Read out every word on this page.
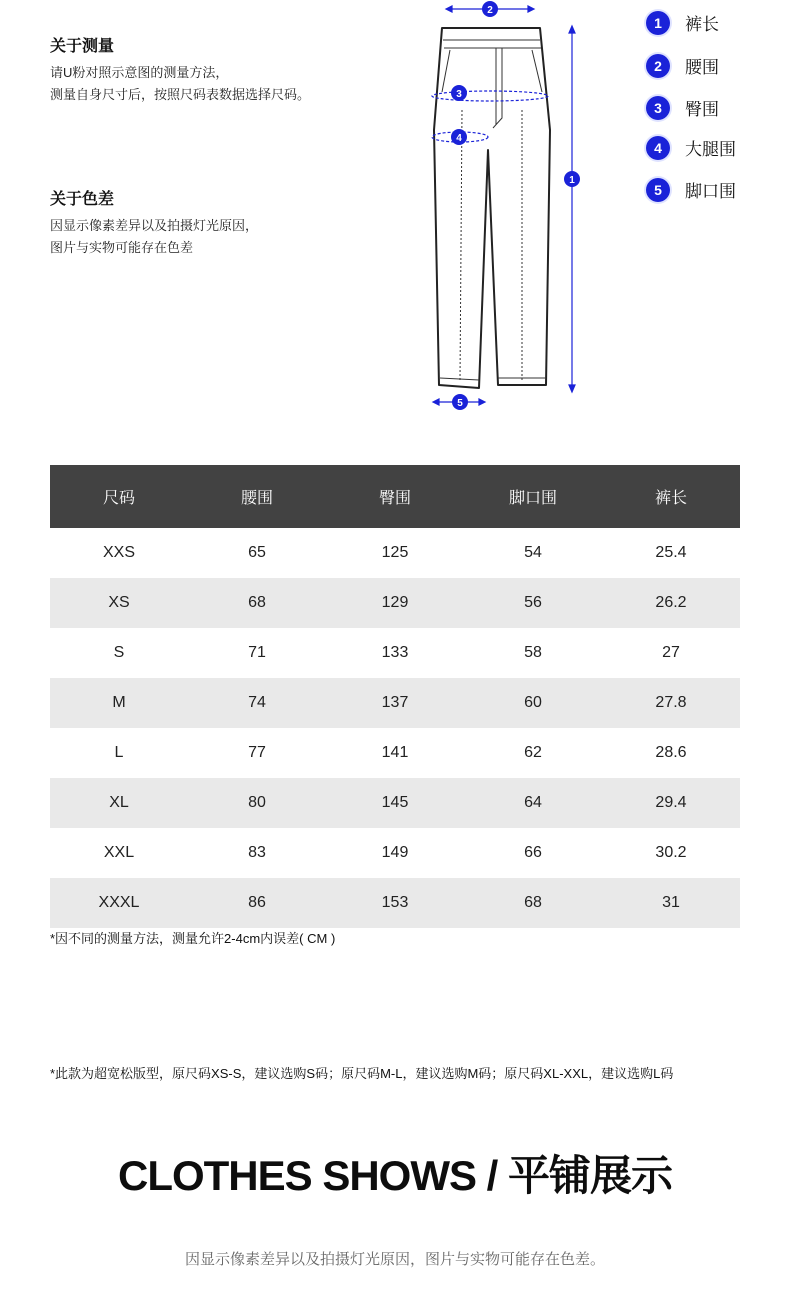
关于测量
请U粉对照示意图的测量方法，
测量自身尺寸后，按照尺码表数据选择尺码。
关于色差
因显示像素差异以及拍摄灯光原因，
图片与实物可能存在色差
2
3
4
1
5
1	裤长
2	腰围
3	臀围
4	大腿围
5	脚口围
尺码	腰围	臀围	脚口围	裤长
XXS	65	125	54	25.4
XS	68	129	56	26.2
S	71	133	58	27
M	74	137	60	27.8
L	77	141	62	28.6
XL	80	145	64	29.4
XXL	83	149	66	30.2
XXXL	86	153	68	31
*因不同的测量方法，测量允许2-4cm内误差( CM )
*此款为超宽松版型，原尺码XS-S，建议选购S码；原尺码M-L，建议选购M码；原尺码XL-XXL，建议选购L码
CLOTHES SHOWS / 平铺展示
因显示像素差异以及拍摄灯光原因，图片与实物可能存在色差。
